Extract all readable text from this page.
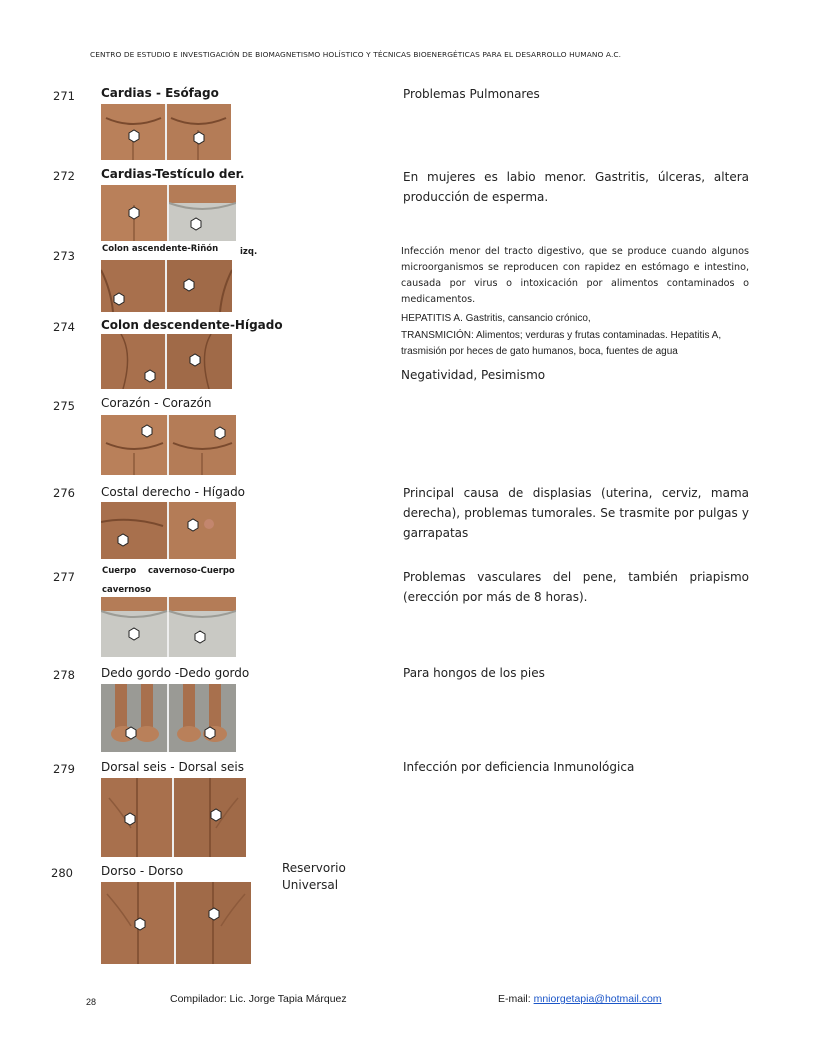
CENTRO DE ESTUDIO E INVESTIGACIÓN DE BIOMAGNETISMO HOLÍSTICO Y TÉCNICAS BIOENERGÉTICAS PARA EL DESARROLLO HUMANO A.C.
271 Cardias - Esófago	Problemas Pulmonares
272 Cardias-Testículo der.	En mujeres es labio menor. Gastritis, úlceras, altera producción de esperma.
273	Colon ascendente-Riñón	izq.	Infección menor del tracto digestivo, que se produce cuando algunos microorganismos se reproducen con rapidez en estómago e intestino, causada por virus o intoxicación por alimentos contaminados o medicamentos.
274 Colon descendente-Hígado	HEPATITIS A. Gastritis, cansancio crónico,
TRANSMICIÓN: Alimentos; verduras y frutas contaminadas. Hepatitis A,
trasmisión por heces de gato humanos, boca, fuentes de agua
Negatividad, Pesimismo
275 Corazón - Corazón
276 Costal derecho - Hígado	Principal causa de displasias (uterina, cerviz, mama derecha), problemas tumorales. Se trasmite por pulgas y garrapatas
277	Cuerpo    cavernoso-Cuerpo
cavernoso
Problemas vasculares del pene, también priapismo (erección por más de 8 horas).
278 Dedo gordo -Dedo gordo	Para hongos de los pies
279 Dorsal seis - Dorsal seis	Infección por deficiencia Inmunológica
280 Dorso - Dorso	Reservorio Universal
28	Compilador: Lic. Jorge Tapia Márquez	E-mail: mniorgetapia@hotmail.com
